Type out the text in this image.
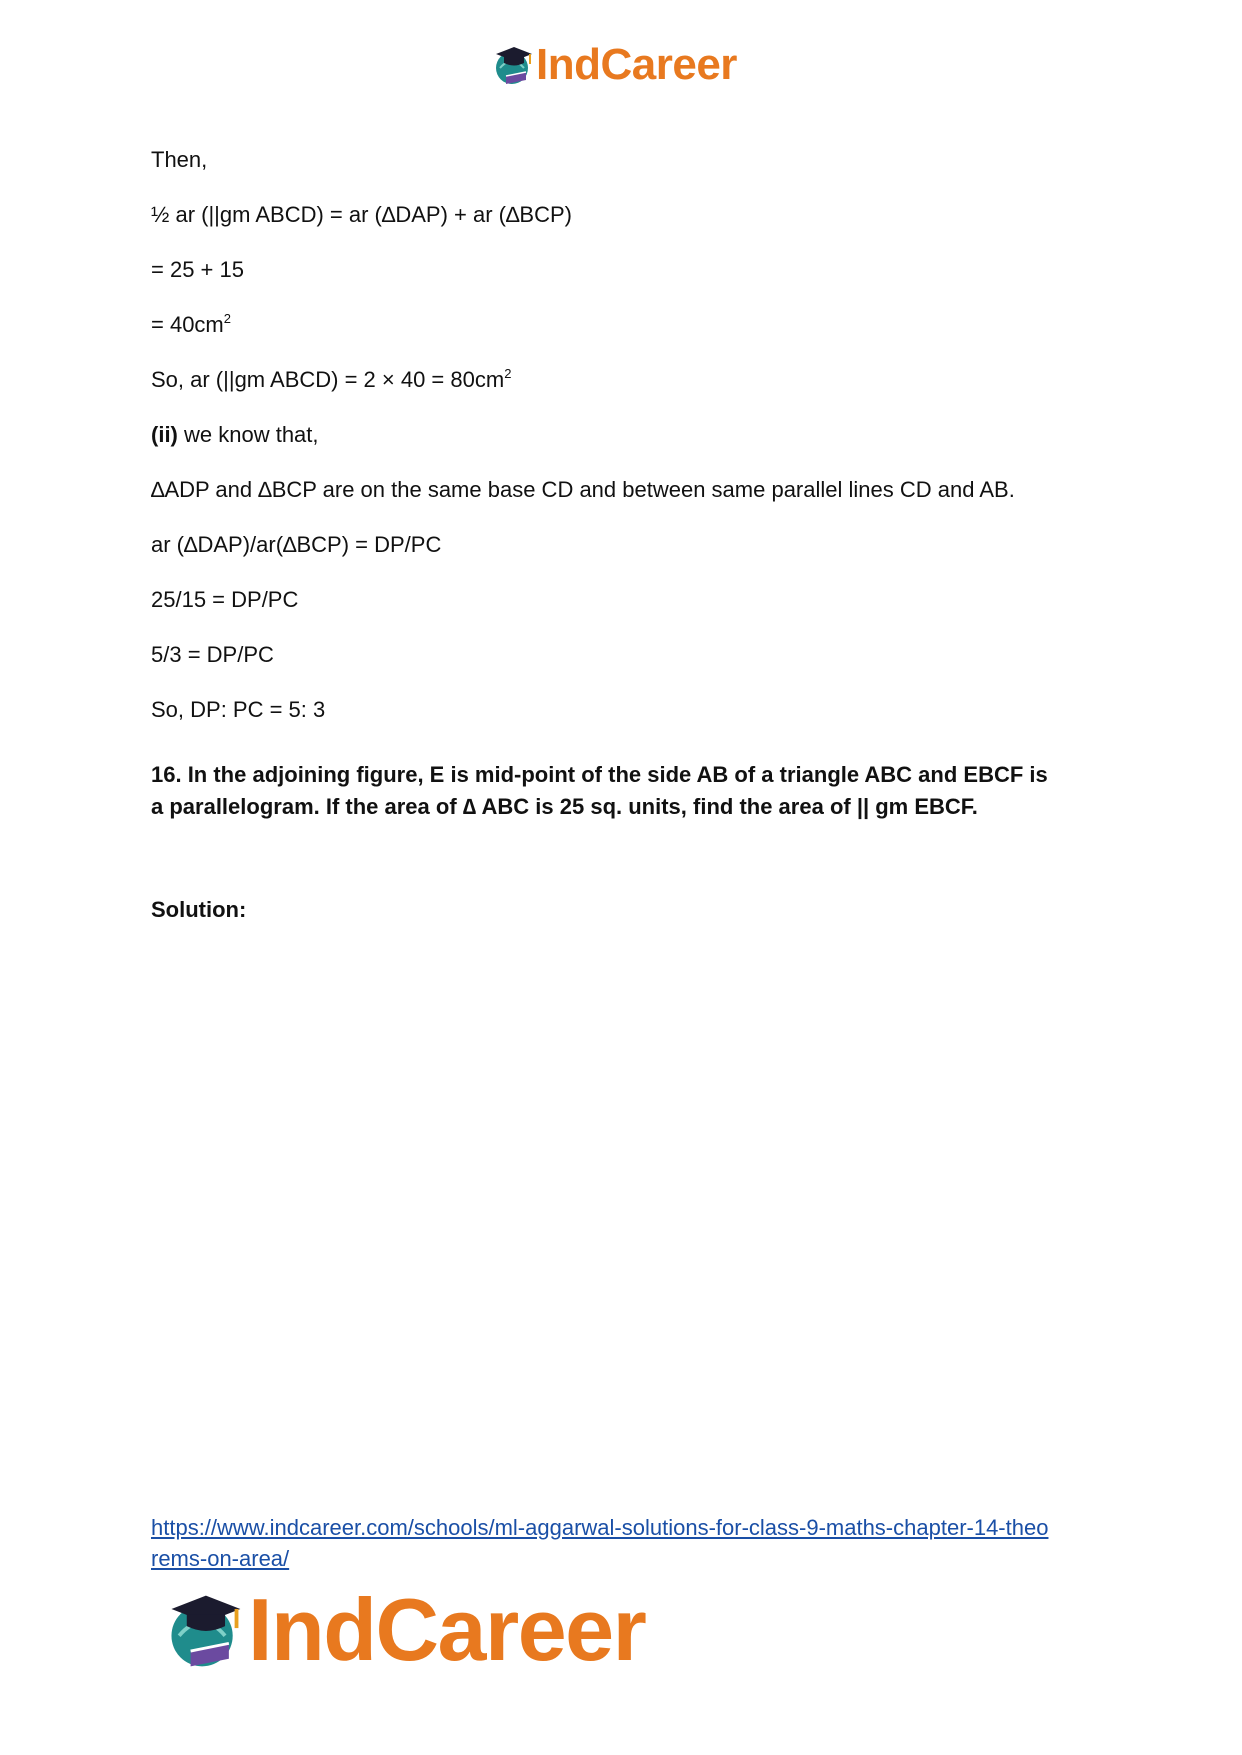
IndCareer
Then,
½ ar (||gm ABCD) = ar (∆DAP) + ar (∆BCP)
= 25 + 15
= $40cm^2$
So, ar (||gm ABCD) = $2 \times 40 = 80cm^2$
(ii) we know that,
∆ADP and ∆BCP are on the same base CD and between same parallel lines CD and AB.
ar (∆DAP)/ar(∆BCP) = DP/PC
25/15 = DP/PC
5/3 = DP/PC
So, DP: PC = 5: 3
16. In the adjoining figure, E is mid-point of the side AB of a triangle ABC and EBCF is
a parallelogram. If the area of ∆ ABC is 25 sq. units, find the area of || gm EBCF.
Solution:
https://www.indcareer.com/schools/ml-aggarwal-solutions-for-class-9-maths-chapter-14-theo
rems-on-area/
IndCareer
